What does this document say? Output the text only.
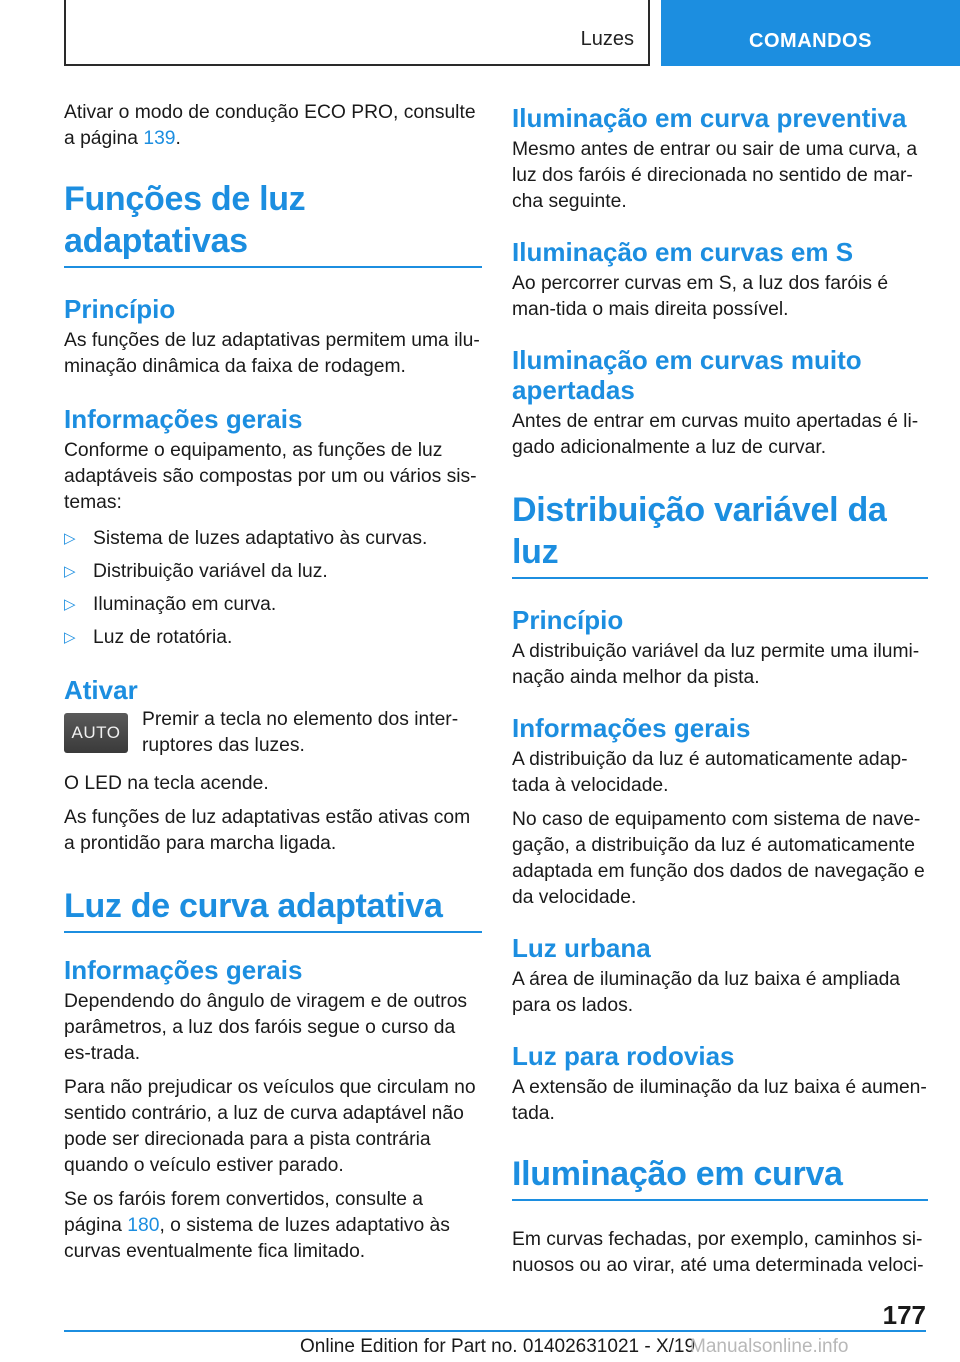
Luzes	COMANDOS

Ativar o modo de condução ECO PRO, consulte a página 139.

Funções de luz adaptativas
Princípio

As funções de luz adaptativas permitem uma ilu-minação dinâmica da faixa de rodagem.

Informações gerais

Conforme o equipamento, as funções de luz adaptáveis são compostas por um ou vários sis-temas:

▷ Sistema de luzes adaptativo às curvas.
▷ Distribuição variável da luz.
▷ Iluminação em curva.
▷ Luz de rotatória.
Ativar
AUTO

Premir a tecla no elemento dos inter-ruptores das luzes.

O LED na tecla acende.

As funções de luz adaptativas estão ativas com a prontidão para marcha ligada.

Luz de curva adaptativa
Informações gerais

Dependendo do ângulo de viragem e de outros parâmetros, a luz dos faróis segue o curso da es-trada.

Para não prejudicar os veículos que circulam no sentido contrário, a luz de curva adaptável não pode ser direcionada para a pista contrária quando o veículo estiver parado.

Se os faróis forem convertidos, consulte a página 180, o sistema de luzes adaptativo às curvas eventualmente fica limitado.

Iluminação em curva preventiva

Mesmo antes de entrar ou sair de uma curva, a luz dos faróis é direcionada no sentido de mar-cha seguinte.

Iluminação em curvas em S

Ao percorrer curvas em S, a luz dos faróis é man-tida o mais direita possível.

Iluminação em curvas muito apertadas

Antes de entrar em curvas muito apertadas é li-gado adicionalmente a luz de curvar.

Distribuição variável da luz
Princípio

A distribuição variável da luz permite uma ilumi-nação ainda melhor da pista.

Informações gerais

A distribuição da luz é automaticamente adap-tada à velocidade.

No caso de equipamento com sistema de nave-gação, a distribuição da luz é automaticamente adaptada em função dos dados de navegação e da velocidade.

Luz urbana

A área de iluminação da luz baixa é ampliada para os lados.

Luz para rodovias

A extensão de iluminação da luz baixa é aumen-tada.

Iluminação em curva

Em curvas fechadas, por exemplo, caminhos si-nuosos ou ao virar, até uma determinada veloci-

177
Online Edition for Part no. 01402631021 - X/19
Manualsonline.info
